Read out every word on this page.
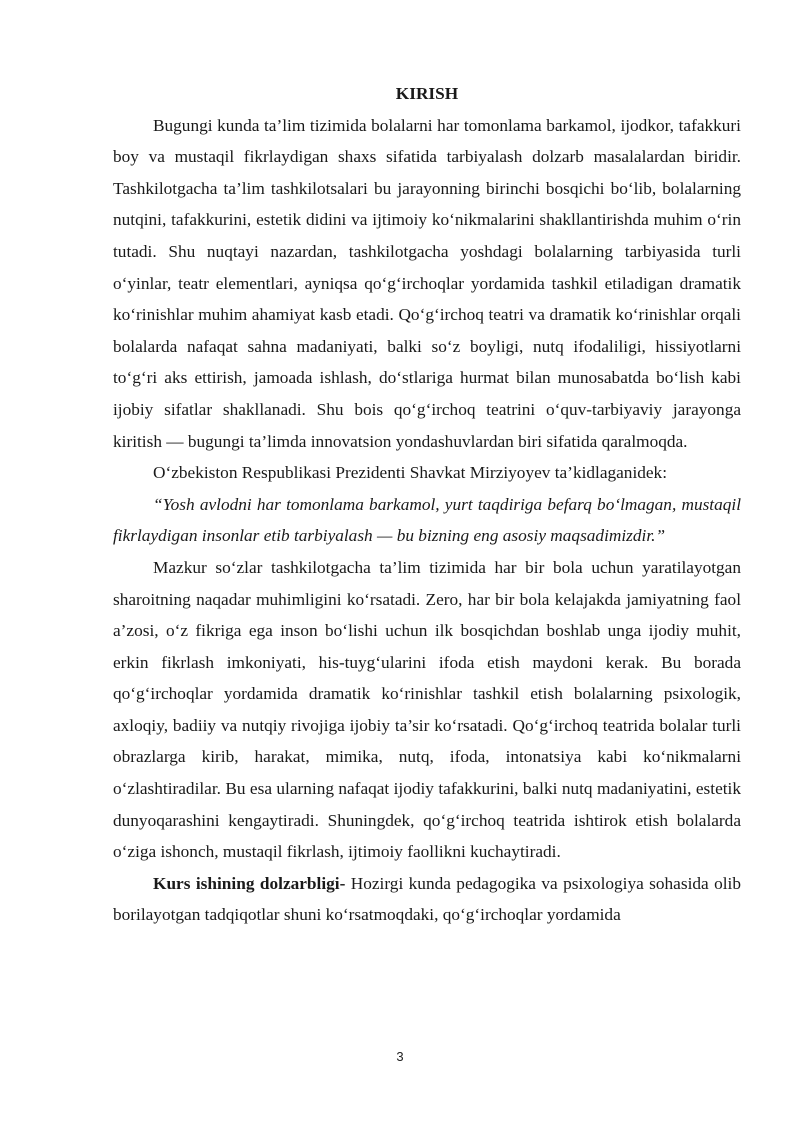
KIRISH

Bugungi kunda ta’lim tizimida bolalarni har tomonlama barkamol, ijodkor, tafakkuri boy va mustaqil fikrlaydigan shaxs sifatida tarbiyalash dolzarb masalalardan biridir. Tashkilotgacha ta’lim tashkilotsalari bu jarayonning birinchi bosqichi bo‘lib, bolalarning nutqini, tafakkurini, estetik didini va ijtimoiy ko‘nikmalarini shakllantirishda muhim o‘rin tutadi. Shu nuqtayi nazardan, tashkilotgacha yoshdagi bolalarning tarbiyasida turli o‘yinlar, teatr elementlari, ayniqsa qo‘g‘irchoqlar yordamida tashkil etiladigan dramatik ko‘rinishlar muhim ahamiyat kasb etadi. Qo‘g‘irchoq teatri va dramatik ko‘rinishlar orqali bolalarda nafaqat sahna madaniyati, balki so‘z boyligi, nutq ifodaliligi, hissiyotlarni to‘g‘ri aks ettirish, jamoada ishlash, do‘stlariga hurmat bilan munosabatda bo‘lish kabi ijobiy sifatlar shakllanadi. Shu bois qo‘g‘irchoq teatrini o‘quv-tarbiyaviy jarayonga kiritish — bugungi ta’limda innovatsion yondashuvlardan biri sifatida qaralmoqda.

O‘zbekiston Respublikasi Prezidenti Shavkat Mirziyoyev ta’kidlaganidek:

“Yosh avlodni har tomonlama barkamol, yurt taqdiriga befarq bo‘lmagan, mustaqil fikrlaydigan insonlar etib tarbiyalash — bu bizning eng asosiy maqsadimizdir.”

Mazkur so‘zlar tashkilotgacha ta’lim tizimida har bir bola uchun yaratilayotgan sharoitning naqadar muhimligini ko‘rsatadi. Zero, har bir bola kelajakda jamiyatning faol a’zosi, o‘z fikriga ega inson bo‘lishi uchun ilk bosqichdan boshlab unga ijodiy muhit, erkin fikrlash imkoniyati, his-tuyg‘ularini ifoda etish maydoni kerak. Bu borada qo‘g‘irchoqlar yordamida dramatik ko‘rinishlar tashkil etish bolalarning psixologik, axloqiy, badiiy va nutqiy rivojiga ijobiy ta’sir ko‘rsatadi. Qo‘g‘irchoq teatrida bolalar turli obrazlarga kirib, harakat, mimika, nutq, ifoda, intonatsiya kabi ko‘nikmalarni o‘zlashtiradilar. Bu esa ularning nafaqat ijodiy tafakkurini, balki nutq madaniyatini, estetik dunyoqarashini kengaytiradi. Shuningdek, qo‘g‘irchoq teatrida ishtirok etish bolalarda o‘ziga ishonch, mustaqil fikrlash, ijtimoiy faollikni kuchaytiradi.

Kurs ishining dolzarbligi- Hozirgi kunda pedagogika va psixologiya sohasida olib borilayotgan tadqiqotlar shuni ko‘rsatmoqdaki, qo‘g‘irchoqlar yordamida

3
